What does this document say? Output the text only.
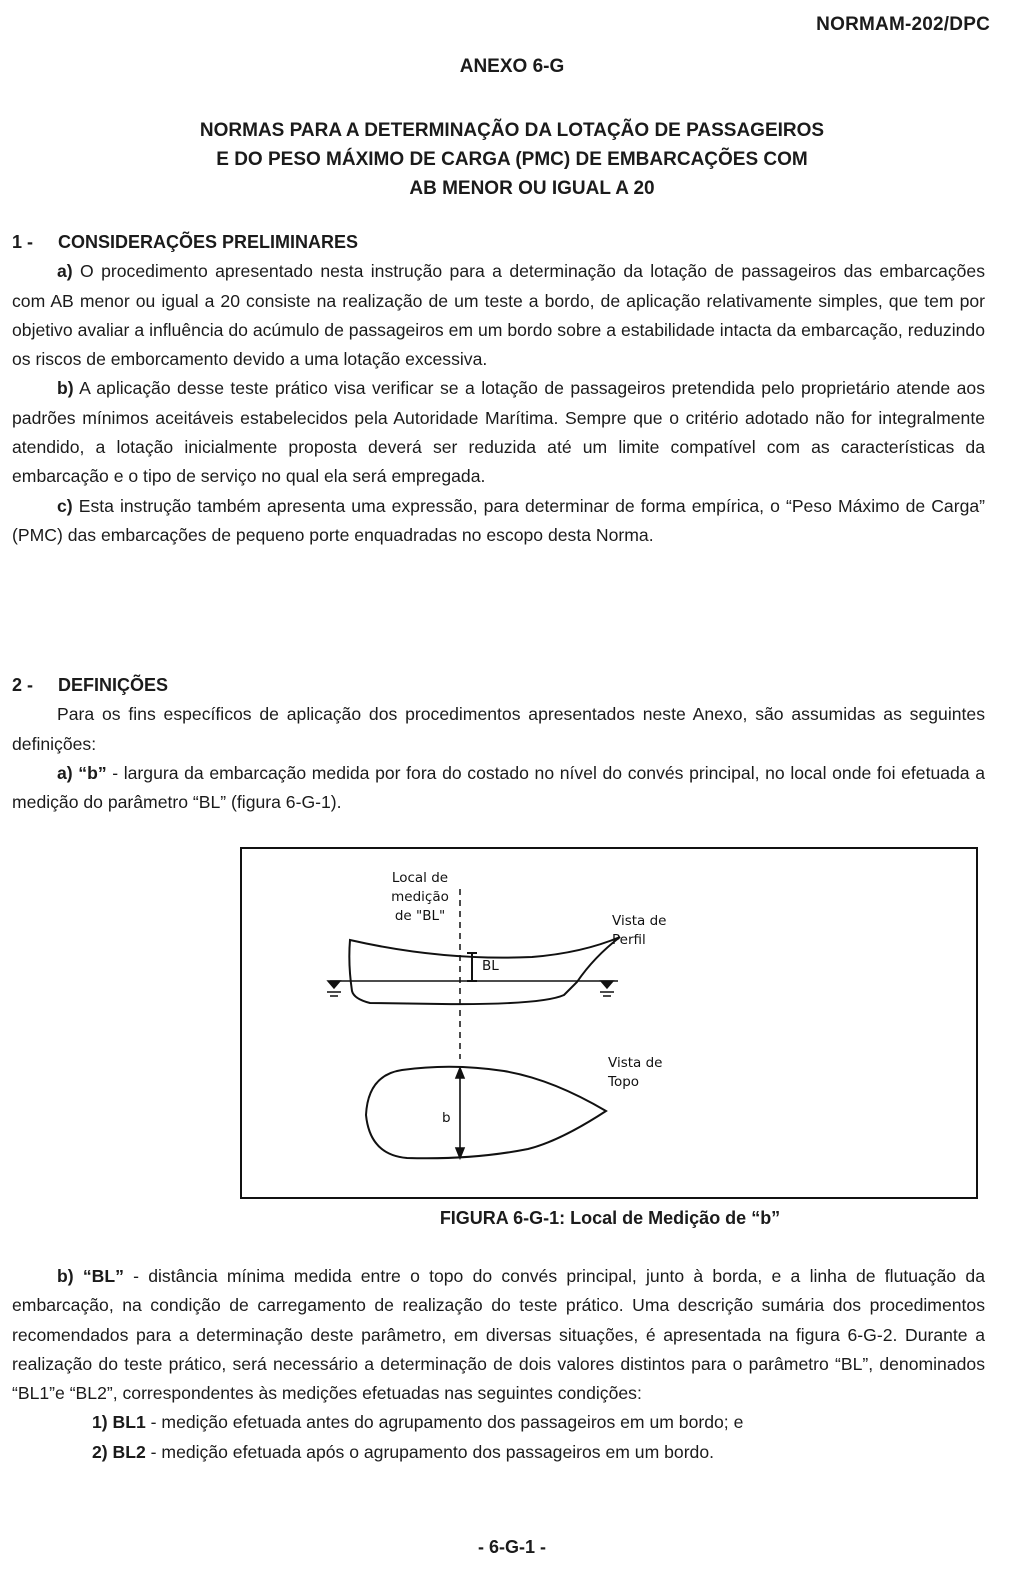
NORMAM-202/DPC
ANEXO 6-G
NORMAS PARA A DETERMINAÇÃO DA LOTAÇÃO DE PASSAGEIROS
E DO PESO MÁXIMO DE CARGA (PMC) DE EMBARCAÇÕES COM
AB MENOR OU IGUAL A 20
1 - CONSIDERAÇÕES PRELIMINARES

a) O procedimento apresentado nesta instrução para a determinação da lotação de passageiros das embarcações com AB menor ou igual a 20 consiste na realização de um teste a bordo, de aplicação relativamente simples, que tem por objetivo avaliar a influência do acúmulo de passageiros em um bordo sobre a estabilidade intacta da embarcação, reduzindo os riscos de emborcamento devido a uma lotação excessiva.

b) A aplicação desse teste prático visa verificar se a lotação de passageiros pretendida pelo proprietário atende aos padrões mínimos aceitáveis estabelecidos pela Autoridade Marítima. Sempre que o critério adotado não for integralmente atendido, a lotação inicialmente proposta deverá ser reduzida até um limite compatível com as características da embarcação e o tipo de serviço no qual ela será empregada.

c) Esta instrução também apresenta uma expressão, para determinar de forma empírica, o “Peso Máximo de Carga” (PMC) das embarcações de pequeno porte enquadradas no escopo desta Norma.

2 - DEFINIÇÕES

Para os fins específicos de aplicação dos procedimentos apresentados neste Anexo, são assumidas as seguintes definições:

a) “b” - largura da embarcação medida por fora do costado no nível do convés principal, no local onde foi efetuada a medição do parâmetro “BL” (figura 6-G-1).

Local de
medição
de "BL"
BL
Vista de
Perfil
Vista de
Topo
b
FIGURA 6-G-1: Local de Medição de “b”

b) “BL” - distância mínima medida entre o topo do convés principal, junto à borda, e a linha de flutuação da embarcação, na condição de carregamento de realização do teste prático. Uma descrição sumária dos procedimentos recomendados para a determinação deste parâmetro, em diversas situações, é apresentada na figura 6-G-2. Durante a realização do teste prático, será necessário a determinação de dois valores distintos para o parâmetro “BL”, denominados “BL1”e “BL2”, correspondentes às medições efetuadas nas seguintes condições:

1) BL1 - medição efetuada antes do agrupamento dos passageiros em um bordo; e

2) BL2 - medição efetuada após o agrupamento dos passageiros em um bordo.

- 6-G-1 -
